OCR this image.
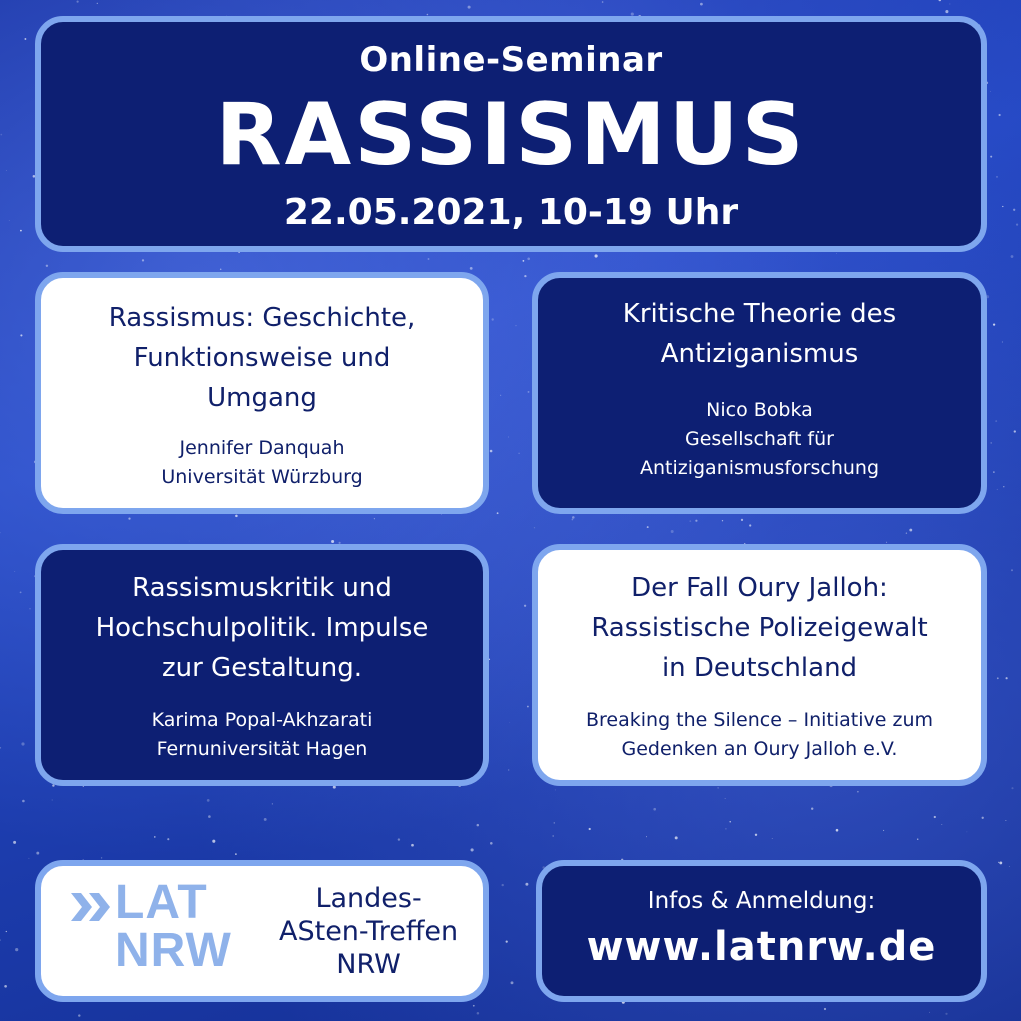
Online-Seminar
RASSISMUS
22.05.2021, 10-19 Uhr
Rassismus: Geschichte,
Funktionsweise und
Umgang
Jennifer Danquah
Universität Würzburg
Kritische Theorie des
Antiziganismus
Nico Bobka
Gesellschaft für
Antiziganismusforschung
Rassismuskritik und
Hochschulpolitik. Impulse
zur Gestaltung.
Karima Popal-Akhzarati
Fernuniversität Hagen
Der Fall Oury Jalloh:
Rassistische Polizeigewalt
in Deutschland
Breaking the Silence – Initiative zum
Gedenken an Oury Jalloh e.V.
LAT
NRW
Landes-
ASten-Treffen
NRW
Infos & Anmeldung:
www.latnrw.de
